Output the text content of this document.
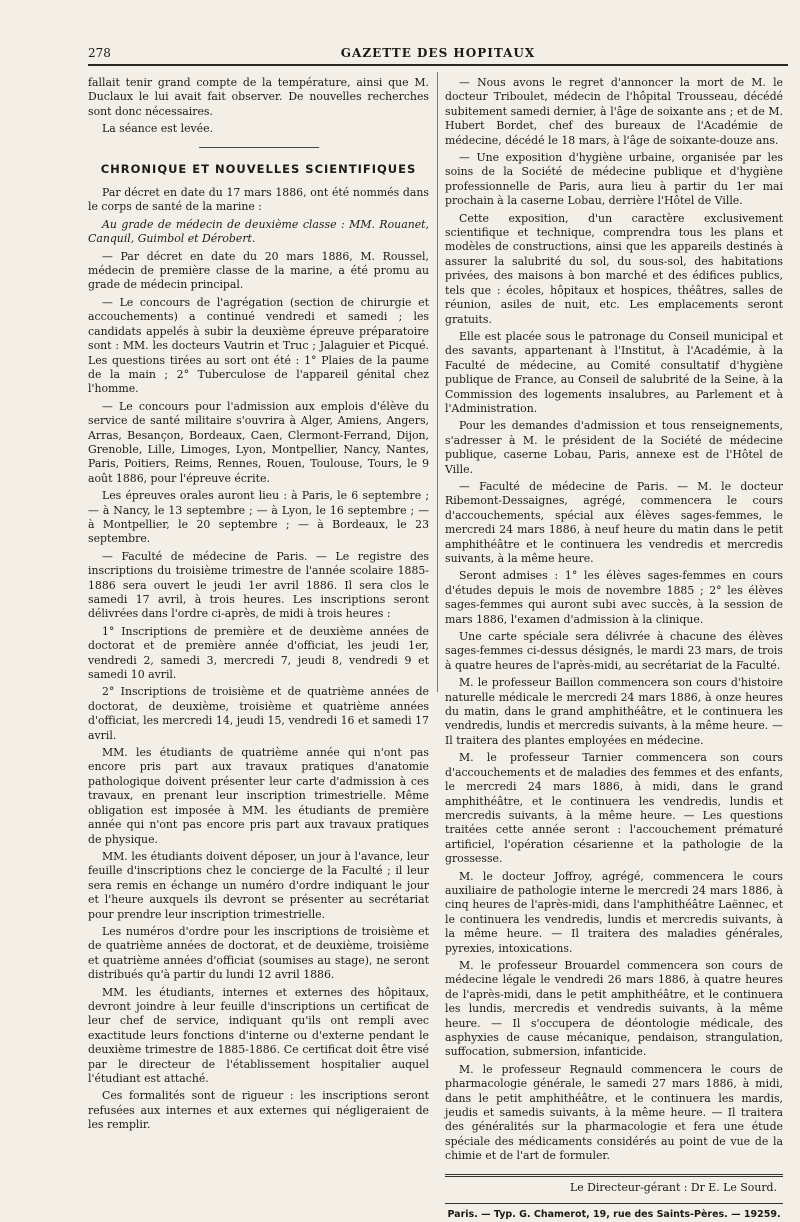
278	GAZETTE DES HOPITAUX

fallait tenir grand compte de la température, ainsi que M. Duclaux le lui avait fait observer. De nouvelles recherches sont donc nécessaires.

La séance est levée.

CHRONIQUE ET NOUVELLES SCIENTIFIQUES

Par décret en date du 17 mars 1886, ont été nommés dans le corps de santé de la marine :

Au grade de médecin de deuxième classe : MM. Rouanet, Canquil, Guimbol et Dérobert.

— Par décret en date du 20 mars 1886, M. Roussel, médecin de première classe de la marine, a été promu au grade de médecin principal.

— Le concours de l'agrégation (section de chirurgie et accouchements) a continué vendredi et samedi ; les candidats appelés à subir la deuxième épreuve préparatoire sont : MM. les docteurs Vautrin et Truc ; Jalaguier et Picqué. Les questions tirées au sort ont été : 1° Plaies de la paume de la main ; 2° Tuberculose de l'appareil génital chez l'homme.

— Le concours pour l'admission aux emplois d'élève du service de santé militaire s'ouvrira à Alger, Amiens, Angers, Arras, Besançon, Bordeaux, Caen, Clermont-Ferrand, Dijon, Grenoble, Lille, Limoges, Lyon, Montpellier, Nancy, Nantes, Paris, Poitiers, Reims, Rennes, Rouen, Toulouse, Tours, le 9 août 1886, pour l'épreuve écrite.

Les épreuves orales auront lieu : à Paris, le 6 septembre ; — à Nancy, le 13 septembre ; — à Lyon, le 16 septembre ; — à Montpellier, le 20 septembre ; — à Bordeaux, le 23 septembre.

— Faculté de médecine de Paris. — Le registre des inscriptions du troisième trimestre de l'année scolaire 1885-1886 sera ouvert le jeudi 1er avril 1886. Il sera clos le samedi 17 avril, à trois heures. Les inscriptions seront délivrées dans l'ordre ci-après, de midi à trois heures :

1° Inscriptions de première et de deuxième années de doctorat et de première année d'officiat, les jeudi 1er, vendredi 2, samedi 3, mercredi 7, jeudi 8, vendredi 9 et samedi 10 avril.

2° Inscriptions de troisième et de quatrième années de doctorat, de deuxième, troisième et quatrième années d'officiat, les mercredi 14, jeudi 15, vendredi 16 et samedi 17 avril.

MM. les étudiants de quatrième année qui n'ont pas encore pris part aux travaux pratiques d'anatomie pathologique doivent présenter leur carte d'admission à ces travaux, en prenant leur inscription trimestrielle. Même obligation est imposée à MM. les étudiants de première année qui n'ont pas encore pris part aux travaux pratiques de physique.

MM. les étudiants doivent déposer, un jour à l'avance, leur feuille d'inscriptions chez le concierge de la Faculté ; il leur sera remis en échange un numéro d'ordre indiquant le jour et l'heure auxquels ils devront se présenter au secrétariat pour prendre leur inscription trimestrielle.

Les numéros d'ordre pour les inscriptions de troisième et de quatrième années de doctorat, et de deuxième, troisième et quatrième années d'officiat (soumises au stage), ne seront distribués qu'à partir du lundi 12 avril 1886.

MM. les étudiants, internes et externes des hôpitaux, devront joindre à leur feuille d'inscriptions un certificat de leur chef de service, indiquant qu'ils ont rempli avec exactitude leurs fonctions d'interne ou d'externe pendant le deuxième trimestre de 1885-1886. Ce certificat doit être visé par le directeur de l'établissement hospitalier auquel l'étudiant est attaché.

Ces formalités sont de rigueur : les inscriptions seront refusées aux internes et aux externes qui négligeraient de les remplir.

— Nous avons le regret d'annoncer la mort de M. le docteur Triboulet, médecin de l'hôpital Trousseau, décédé subitement samedi dernier, à l'âge de soixante ans ; et de M. Hubert Bordet, chef des bureaux de l'Académie de médecine, décédé le 18 mars, à l'âge de soixante-douze ans.

— Une exposition d'hygiène urbaine, organisée par les soins de la Société de médecine publique et d'hygiène professionnelle de Paris, aura lieu à partir du 1er mai prochain à la caserne Lobau, derrière l'Hôtel de Ville.

Cette exposition, d'un caractère exclusivement scientifique et technique, comprendra tous les plans et modèles de constructions, ainsi que les appareils destinés à assurer la salubrité du sol, du sous-sol, des habitations privées, des maisons à bon marché et des édifices publics, tels que : écoles, hôpitaux et hospices, théâtres, salles de réunion, asiles de nuit, etc. Les emplacements seront gratuits.

Elle est placée sous le patronage du Conseil municipal et des savants, appartenant à l'Institut, à l'Académie, à la Faculté de médecine, au Comité consultatif d'hygiène publique de France, au Conseil de salubrité de la Seine, à la Commission des logements insalubres, au Parlement et à l'Administration.

Pour les demandes d'admission et tous renseignements, s'adresser à M. le président de la Société de médecine publique, caserne Lobau, Paris, annexe est de l'Hôtel de Ville.

— Faculté de médecine de Paris. — M. le docteur Ribemont-Dessaignes, agrégé, commencera le cours d'accouchements, spécial aux élèves sages-femmes, le mercredi 24 mars 1886, à neuf heure du matin dans le petit amphithéâtre et le continuera les vendredis et mercredis suivants, à la même heure.

Seront admises : 1° les élèves sages-femmes en cours d'études depuis le mois de novembre 1885 ; 2° les élèves sages-femmes qui auront subi avec succès, à la session de mars 1886, l'examen d'admission à la clinique.

Une carte spéciale sera délivrée à chacune des élèves sages-femmes ci-dessus désignés, le mardi 23 mars, de trois à quatre heures de l'après-midi, au secrétariat de la Faculté.

M. le professeur Baillon commencera son cours d'histoire naturelle médicale le mercredi 24 mars 1886, à onze heures du matin, dans le grand amphithéâtre, et le continuera les vendredis, lundis et mercredis suivants, à la même heure. — Il traitera des plantes employées en médecine.

M. le professeur Tarnier commencera son cours d'accouchements et de maladies des femmes et des enfants, le mercredi 24 mars 1886, à midi, dans le grand amphithéâtre, et le continuera les vendredis, lundis et mercredis suivants, à la même heure. — Les questions traitées cette année seront : l'accouchement prématuré artificiel, l'opération césarienne et la pathologie de la grossesse.

M. le docteur Joffroy, agrégé, commencera le cours auxiliaire de pathologie interne le mercredi 24 mars 1886, à cinq heures de l'après-midi, dans l'amphithéâtre Laënnec, et le continuera les vendredis, lundis et mercredis suivants, à la même heure. — Il traitera des maladies générales, pyrexies, intoxications.

M. le professeur Brouardel commencera son cours de médecine légale le vendredi 26 mars 1886, à quatre heures de l'après-midi, dans le petit amphithéâtre, et le continuera les lundis, mercredis et vendredis suivants, à la même heure. — Il s'occupera de déontologie médicale, des asphyxies de cause mécanique, pendaison, strangulation, suffocation, submersion, infanticide.

M. le professeur Regnauld commencera le cours de pharmacologie générale, le samedi 27 mars 1886, à midi, dans le petit amphithéâtre, et le continuera les mardis, jeudis et samedis suivants, à la même heure. — Il traitera des généralités sur la pharmacologie et fera une étude spéciale des médicaments considérés au point de vue de la chimie et de l'art de formuler.

Le Directeur-gérant : Dr E. Le Sourd.
Paris. — Typ. G. Chamerot, 19, rue des Saints-Pères. — 19259.
